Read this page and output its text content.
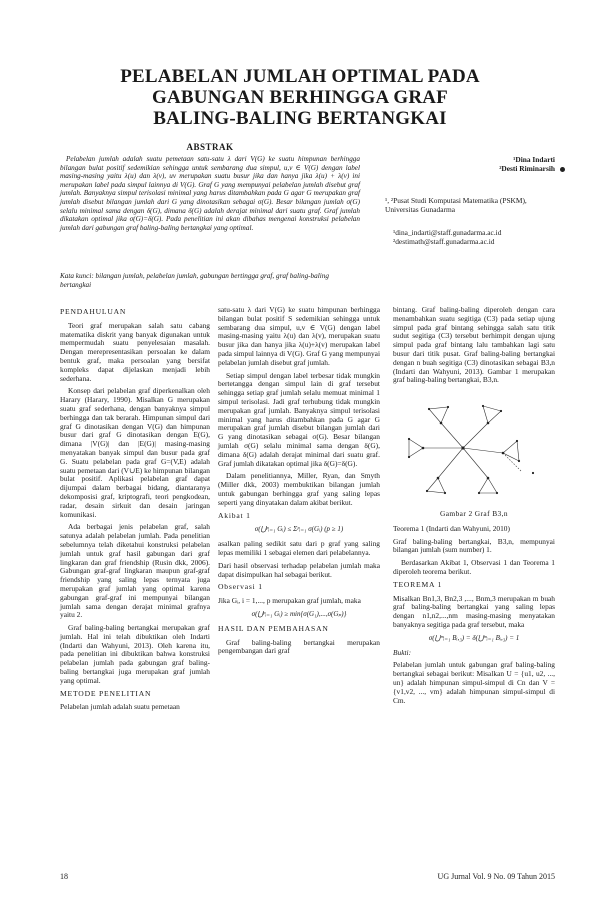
PELABELAN JUMLAH OPTIMAL PADA
GABUNGAN BERHINGGA GRAF
BALING-BALING BERTANGKAI
ABSTRAK

Pelabelan jumlah adalah suatu pemetaan satu-satu λ dari V(G) ke suatu himpunan berhingga bilangan bulat positif sedemikian sehingga untuk sembarang dua simpul, u,v ∈ V(G) dengan label masing-masing yaitu λ(u) dan λ(v), uv merupakan suatu busur jika dan hanya jika λ(u) + λ(v) ini merupakan label pada simpul lainnya di V(G). Graf G yang mempunyai pelabelan jumlah disebut graf jumlah. Banyaknya simpul terisolasi minimal yang harus ditambahkan pada G agar G merupakan graf jumlah disebut bilangan jumlah dari G yang dinotasikan sebagai σ(G). Besar bilangan jumlah σ(G) selalu minimal sama dengan δ(G), dimana δ(G) adalah derajat minimal dari suatu graf. Graf jumlah dikatakan optimal jika σ(G)=δ(G). Pada penelitian ini akan dibahas mengenai konstruksi pelabelan jumlah dari gabungan graf baling-baling bertangkai yang optimal.

Kata kunci: bilangan jumlah, pelabelan jumlah, gabungan bertingga graf, graf baling-baling bertangkai
¹Dina Indarti
²Desti Riminarsih
¹, ²Pusat Studi Komputasi Matematika (PSKM), Universitas Gunadarma
¹dina_indarti@staff.gunadarma.ac.id
²destimath@staff.gunadarma.ac.id
PENDAHULUAN

Teori graf merupakan salah satu cabang matematika diskrit yang banyak digunakan untuk mempermudah suatu penyelesaian masalah. Dengan merepresentasikan persoalan ke dalam bentuk graf, maka persoalan yang bersifat kompleks dapat dijelaskan menjadi lebih sederhana.

Konsep dari pelabelan graf diperkenalkan oleh Harary (Harary, 1990). Misalkan G merupakan suatu graf sederhana, dengan banyaknya simpul berhingga dan tak berarah. Himpunan simpul dari graf G dinotasikan dengan V(G) dan himpunan busur dari graf G dinotasikan dengan E(G), dimana |V(G)| dan |E(G)| masing-masing menyatakan banyak simpul dan busur pada graf G. Suatu pelabelan pada graf G=(V,E) adalah suatu pemetaan dari (V∪E) ke himpunan bilangan bulat positif. Aplikasi pelabelan graf dapat dijumpai dalam berbagai bidang, diantaranya dekomposisi graf, kriptografi, teori pengkodean, radar, desain sirkuit dan desain jaringan komunikasi.

Ada berbagai jenis pelabelan graf, salah satunya adalah pelabelan jumlah. Pada penelitian sebelumnya telah diketahui konstruksi pelabelan jumlah untuk graf hasil gabungan dari graf lingkaran dan graf friendship (Rusin dkk, 2006). Gabungan graf-graf lingkaran maupun graf-graf friendship yang saling lepas ternyata juga merupakan graf jumlah yang optimal karena gabungan graf-graf ini mempunyai bilangan jumlah sama dengan derajat minimal grafnya yaitu 2.

Graf baling-baling bertangkai merupakan graf jumlah. Hal ini telah dibuktikan oleh Indarti (Indarti dan Wahyuni, 2013). Oleh karena itu, pada penelitian ini dibuktikan bahwa konstruksi pelabelan jumlah pada gabungan graf baling-baling bertangkai juga merupakan graf jumlah yang optimal.

METODE PENELITIAN

Pelabelan jumlah adalah suatu pemetaan

satu-satu λ dari V(G) ke suatu himpunan berhingga bilangan bulat positif S sedemikian sehingga untuk sembarang dua simpul, u,v ∈ V(G) dengan label masing-masing yaitu λ(u) dan λ(v), merupakan suatu busur jika dan hanya jika λ(u)+λ(v) merupakan label pada simpul lainnya di V(G). Graf G yang mempunyai pelabelan jumlah disebut graf jumlah.

Setiap simpul dengan label terbesar tidak mungkin bertetangga dengan simpul lain di graf tersebut sehingga setiap graf jumlah selalu memuat minimal 1 simpul terisolasi. Jadi graf terhubung tidak mungkin merupakan graf jumlah. Banyaknya simpul terisolasi minimal yang harus ditambahkan pada G agar G merupakan graf jumlah disebut bilangan jumlah dari G yang dinotasikan sebagai σ(G). Besar bilangan jumlah σ(G) selalu minimal sama dengan δ(G), dimana δ(G) adalah derajat minimal dari suatu graf. Graf jumlah dikatakan optimal jika δ(G)=δ(G).

Dalam penelitiannya, Miller, Ryan, dan Smyth (Miller dkk, 2003) membuktikan bilangan jumlah untuk gabungan berhingga graf yang saling lepas seperti yang dinyatakan dalam akibat berikut.

Akibat 1
σ(⋃ᵖᵢ₌₁ Gᵢ) ≤ Σᵖᵢ₌₁ σ(Gᵢ) (p ≥ 1)

asalkan paling sedikit satu dari p graf yang saling lepas memiliki 1 sebagai elemen dari pelabelannya.

Dari hasil observasi terhadap pelabelan jumlah maka dapat disimpulkan hal sebagai berikut.

Observasi 1

Jika Gᵢ, i = 1,..., p merupakan graf jumlah, maka

σ(⋃ᵖᵢ₌₁ Gᵢ) ≥ min{σ(G₁),...,σ(Gₚ)}
HASIL DAN PEMBAHASAN

Graf baling-baling bertangkai merupakan pengembangan dari graf

bintang. Graf baling-baling diperoleh dengan cara menambahkan suatu segitiga (C3) pada setiap ujung simpul pada graf bintang sehingga salah satu titik sudut segitiga (C3) tersebut berhimpit dengan ujung simpul pada graf bintang lalu tambahkan lagi satu busur dari titik pusat. Graf baling-baling bertangkai dengan n buah segitiga (C3) dinotasikan sebagai B3,n (Indarti dan Wahyuni, 2013). Gambar 1 merupakan graf baling-baling bertangkai, B3,n.

Gambar 2 Graf B3,n

Teorema 1 (Indarti dan Wahyuni, 2010)

Graf baling-baling bertangkai, B3,n, mempunyai bilangan jumlah (sum number) 1.

Berdasarkan Akibat 1, Observasi 1 dan Teorema 1 diperoleh teorema berikut.

TEOREMA 1

Misalkan Bn1,3, Bn2,3 ,..., Bnm,3 merupakan m buah graf baling-baling bertangkai yang saling lepas dengan n1,n2,...,nm masing-masing menyatakan banyaknya segitiga pada graf tersebut, maka

σ(⋃ᵐᵢ₌₁ Bᵢ,₃) = δ(⋃ᵐᵢ₌₁ Bᵢ,₃) = 1

Bukti:

Pelabelan jumlah untuk gabungan graf baling-baling bertangkai sebagai berikut: Misalkan U = {u1, u2, ..., un} adalah himpunan simpul-simpul di Cn dan V = {v1,v2, ..., vm} adalah himpunan simpul-simpul di Cm.

18	UG Jurnal Vol. 9 No. 09 Tahun 2015
